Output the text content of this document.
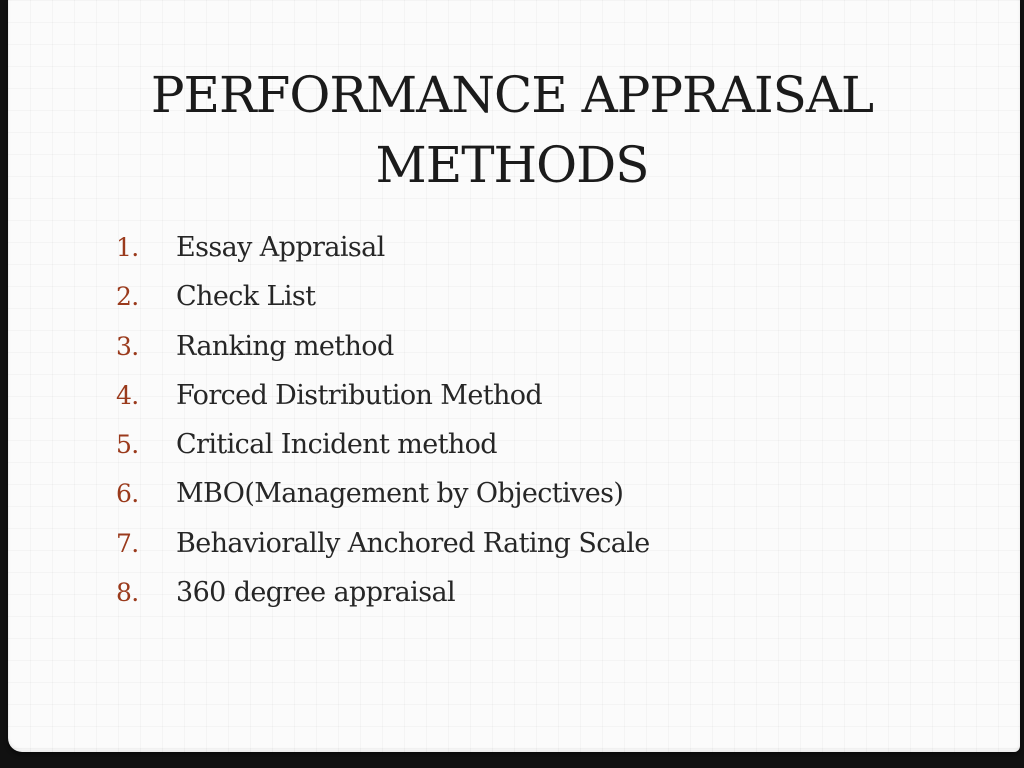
PERFORMANCE APPRAISAL
METHODS
1.	Essay Appraisal
2.	Check List
3.	Ranking method
4.	Forced Distribution Method
5.	Critical Incident method
6.	MBO(Management by Objectives)
7.	Behaviorally Anchored Rating Scale
8.	360 degree appraisal
